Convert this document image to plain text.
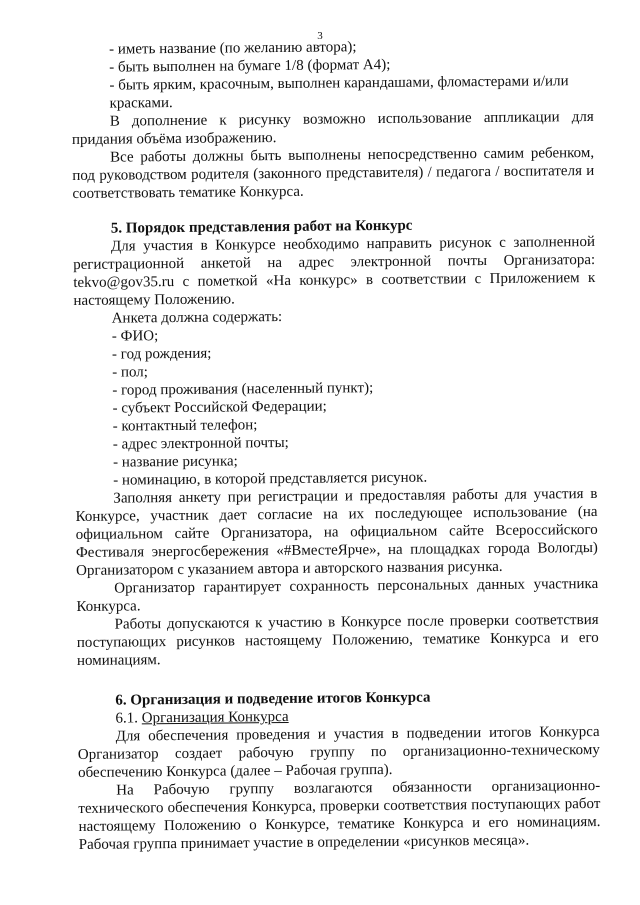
3

- иметь название (по желанию автора);

- быть выполнен на бумаге 1/8 (формат А4);

- быть ярким, красочным, выполнен карандашами, фломастерами и/или красками.

В дополнение к рисунку возможно использование аппликации для придания объёма изображению.

Все работы должны быть выполнены непосредственно самим ребенком, под руководством родителя (законного представителя) / педагога / воспитателя и соответствовать тематике Конкурса.

5. Порядок представления работ на Конкурс

Для участия в Конкурсе необходимо направить рисунок с заполненной регистрационной анкетой на адрес электронной почты Организатора: tekvo@gov35.ru с пометкой «На конкурс» в соответствии с Приложением к настоящему Положению.

Анкета должна содержать:

- ФИО;

- год рождения;

- пол;

- город проживания (населенный пункт);

- субъект Российской Федерации;

- контактный телефон;

- адрес электронной почты;

- название рисунка;

- номинацию, в которой представляется рисунок.

Заполняя анкету при регистрации и предоставляя работы для участия в Конкурсе, участник дает согласие на их последующее использование (на официальном сайте Организатора, на официальном сайте Всероссийского Фестиваля энергосбережения «#ВместеЯрче», на площадках города Вологды) Организатором с указанием автора и авторского названия рисунка.

Организатор гарантирует сохранность персональных данных участника Конкурса.

Работы допускаются к участию в Конкурсе после проверки соответствия поступающих рисунков настоящему Положению, тематике Конкурса и его номинациям.

6. Организация и подведение итогов Конкурса

6.1. Организация Конкурса

Для обеспечения проведения и участия в подведении итогов Конкурса Организатор создает рабочую группу по организационно-техническому обеспечению Конкурса (далее – Рабочая группа).

На Рабочую группу возлагаются обязанности организационно-технического обеспечения Конкурса, проверки соответствия поступающих работ настоящему Положению о Конкурсе, тематике Конкурса и его номинациям. Рабочая группа принимает участие в определении «рисунков месяца».
